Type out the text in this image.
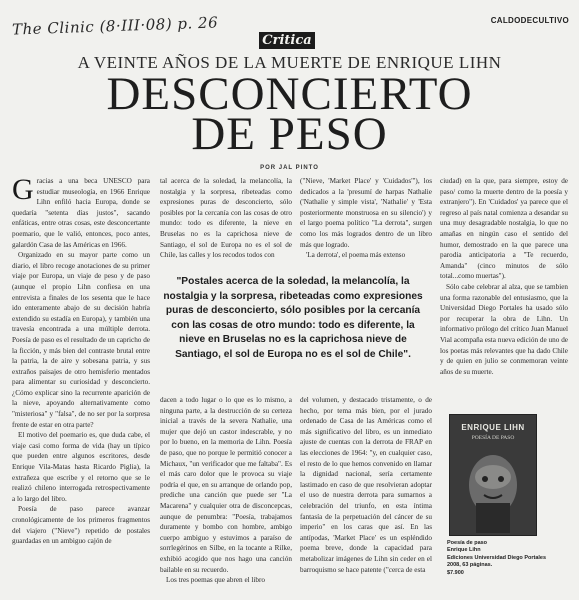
The Clinic (8·III·08) p. 26	CALDODECULTIVO
Critica
A VEINTE AÑOS DE LA MUERTE DE ENRIQUE LIHN
DESCONCIERTO
DE PESO
POR JAL PINTO

Gracias a una beca UNESCO para estudiar museología, en 1966 Enrique Lihn enfiló hacia Europa, donde se quedaría "setenta días justos", sacando enfáticas, entre otras cosas, este desconcertante poemario, que le valió, entonces, poco antes, galardón Casa de las Américas en 1966.

Organizado en su mayor parte como un diario, el libro recoge anotaciones de su primer viaje por Europa, un viaje de peso y de paso (aunque el propio Lihn confiesa en una entrevista a finales de los sesenta que le hace ido enteramente abajo de su decisión habría extendido su estadía en Europa), y también una travesía encontrada a una múltiple derrota. Poesía de paso es el resultado de un capricho de la ficción, y más bien del contraste brutal entre la patria, la de aire y sobesana patria, y sus extraños paisajes de otro hemisferio mentados para alimentar su curiosidad y desconcierto. ¿Cómo explicar sino la recurrente aparición de la nieve, apoyando alternativamente como "misteriosa" y "falsa", de no ser por la sorpresa frente de estar en otra parte?

El motivo del poemario es, que duda cabe, el viaje casi como forma de vida (hay un típico que pueden entre algunos escritores, desde Enrique Vila-Matas hasta Ricardo Piglia), la extrañeza que escribe y el retorno que se le realizó chileno interrogada retrospectivamente a lo largo del libro.

Poesía de paso parece avanzar cronológicamente de los primeros fragmentos del viajero ("Nieve") repetido de postales guardadas en un ambiguo cajón de

tal acerca de la soledad, la melancolía, la nostalgia y la sorpresa, ribeteadas como expresiones puras de desconcierto, sólo posibles por la cercanía con las cosas de otro mundo: todo es diferente, la nieve en Bruselas no es la caprichosa nieve de Santiago, el sol de Europa no es el sol de Chile, las calles y los recodos todos con

dacen a todo lugar o lo que es lo mismo, a ninguna parte, a la destrucción de su certeza inicial a través de la severa Nathalie, una mujer que dejó un castor indescrable, y no por lo bueno, en la memoria de Lihn. Poesía de paso, que no porque le permitió conocer a Michaux, "un verificador que me faltaba". Es el más caro dolor que le provoca su viaje podría el que, en su arranque de orlando pop, prediche una canción que puede ser "La Macarena" y cualquier otra de disconcepcas, aunque de penumbra: "Poesía, trabajamos duramente y bombo con hombre, ambigo cuerpo ambiguo y estuvimos a paraíso de sorrlegérinos en Silbe, en la tocante a Rilke, exhibió acogido que nos hago una canción bailable en su recuerdo.

Los tres poemas que abren el libro

("Nieve, 'Market Place' y 'Cuidados'"), los dedicados a la 'presumí de harpas Nathalie ('Nathalie y simple vista', 'Nathalie' y 'Esta posteriormente monstruosa en su silencio') y el largo poema político "La derrota", surgen como los más logrados dentro de un libro más que logrado.

'La derrota', el poema más extenso

del volumen, y destacado tristamente, o de hecho, por tema más bien, por el jurado ordenado de Casa de las Américas como el más significativo del libro, es un inmediato ajuste de cuentas con la derrota de FRAP en las elecciones de 1964: "y, en cualquier caso, el resto de lo que hemos convenido en llamar la dignidad nacional, sería certamente lastimado en caso de que resolvieran adoptar el uso de nuestra derrota para sumarnos a celebración del triunfo, en esta íntima fantasía de la perpetuación del cáncer de su imperio" en los caras que así. En las antípodas, 'Market Place' es un espléndido poema breve, donde la capacidad para metabolizar imágenes de Lihn sin ceder en el barroquismo se hace patente ("cerca de esta

ciudad) en la que, para siempre, estoy de paso/ como la muerte dentro de la poesía y extranjero"). En 'Cuidados' ya parece que el regreso al país natal comienza a desandar su una muy desagradable nostalgia, lo que no amañas en ningún caso el sentido del humor, demostrado en la que parece una parodia anticipatoria a "Te recuerdo, Amanda" (cinco minutos de sólo total...como muertas").

Sólo cabe celebrar al alza, que se tambien una forma razonable del entusiasmo, que la Universidad Diego Portales ha usado sólo por recuperar la obra de Lihn. Un informativo prólogo del crítico Juan Manuel Vial acompaña esta nueva edición de uno de los poetas más relevantes que ha dado Chile y de quien en julio se conmemoran veinte años de su muerte.

"Postales acerca de la soledad, la melancolía, la nostalgia y la sorpresa, ribeteadas como expresiones puras de desconcierto, sólo posibles por la cercanía con las cosas de otro mundo: todo es diferente, la nieve en Bruselas no es la caprichosa nieve de Santiago, el sol de Europa no es el sol de Chile".
ENRIQUE LIHN
POESÍA DE PASO
Poesía de paso
Enrique Lihn
Ediciones Universidad Diego Portales
2008, 63 páginas.
$7.900
